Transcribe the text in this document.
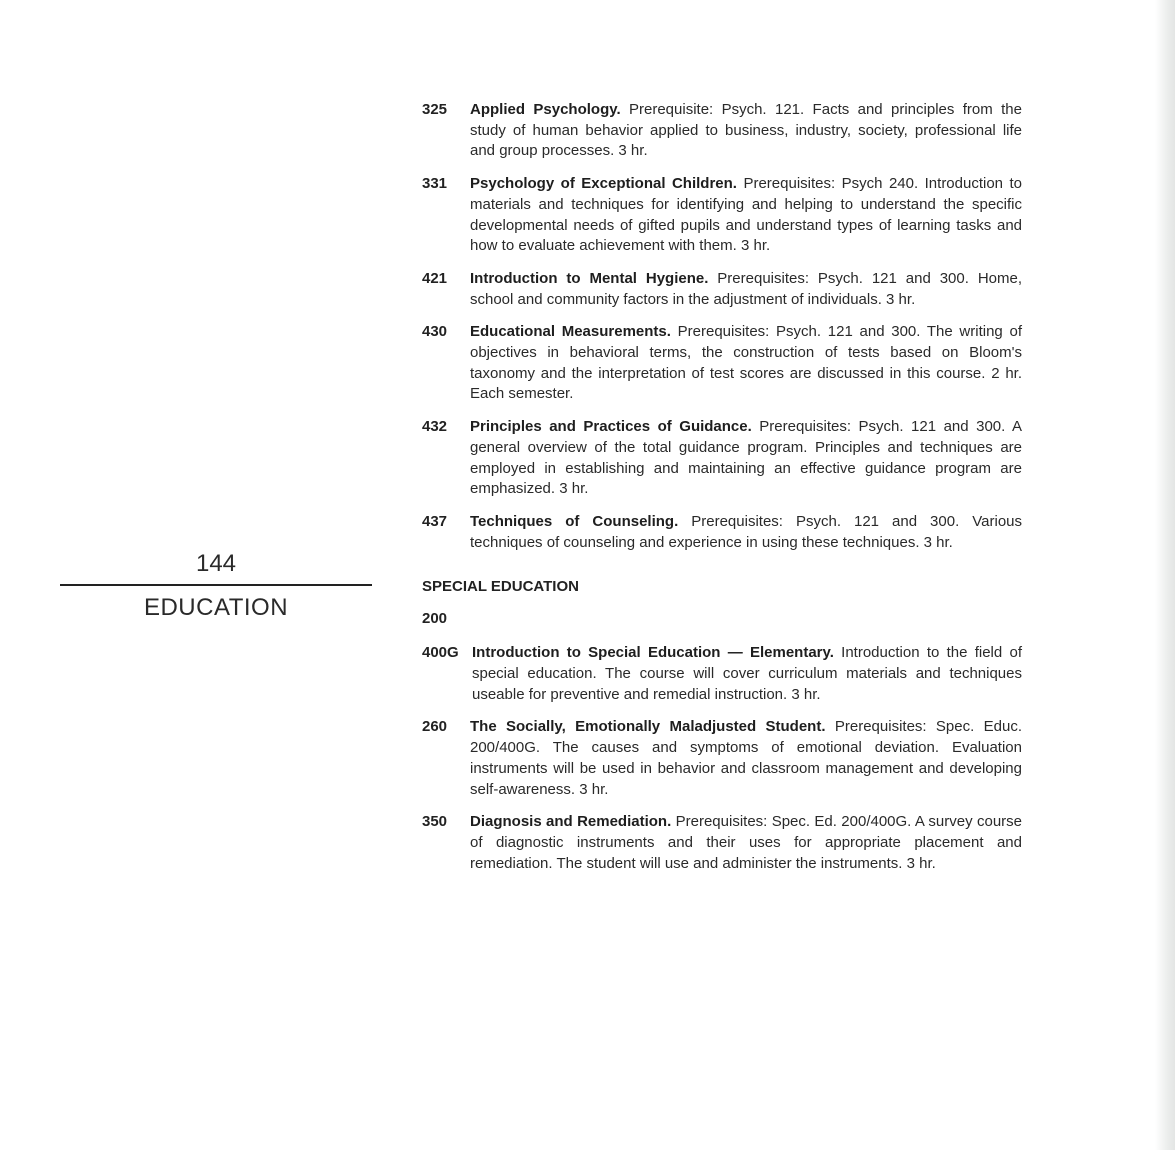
144
EDUCATION
325 Applied Psychology. Prerequisite: Psych. 121. Facts and principles from the study of human behavior applied to business, industry, society, professional life and group processes. 3 hr.
331 Psychology of Exceptional Children. Prerequisites: Psych 240. Introduction to materials and techniques for identifying and helping to understand the specific developmental needs of gifted pupils and understand types of learning tasks and how to evaluate achievement with them. 3 hr.
421 Introduction to Mental Hygiene. Prerequisites: Psych. 121 and 300. Home, school and community factors in the adjustment of individuals. 3 hr.
430 Educational Measurements. Prerequisites: Psych. 121 and 300. The writing of objectives in behavioral terms, the construction of tests based on Bloom's taxonomy and the interpretation of test scores are discussed in this course. 2 hr. Each semester.
432 Principles and Practices of Guidance. Prerequisites: Psych. 121 and 300. A general overview of the total guidance program. Principles and techniques are employed in establishing and maintaining an effective guidance program are emphasized. 3 hr.
437 Techniques of Counseling. Prerequisites: Psych. 121 and 300. Various techniques of counseling and experience in using these techniques. 3 hr.
SPECIAL EDUCATION
200
400G Introduction to Special Education — Elementary. Introduction to the field of special education. The course will cover curriculum materials and techniques useable for preventive and remedial instruction. 3 hr.
260 The Socially, Emotionally Maladjusted Student. Prerequisites: Spec. Educ. 200/400G. The causes and symptoms of emotional deviation. Evaluation instruments will be used in behavior and classroom management and developing self-awareness. 3 hr.
350 Diagnosis and Remediation. Prerequisites: Spec. Ed. 200/400G. A survey course of diagnostic instruments and their uses for appropriate placement and remediation. The student will use and administer the instruments. 3 hr.
